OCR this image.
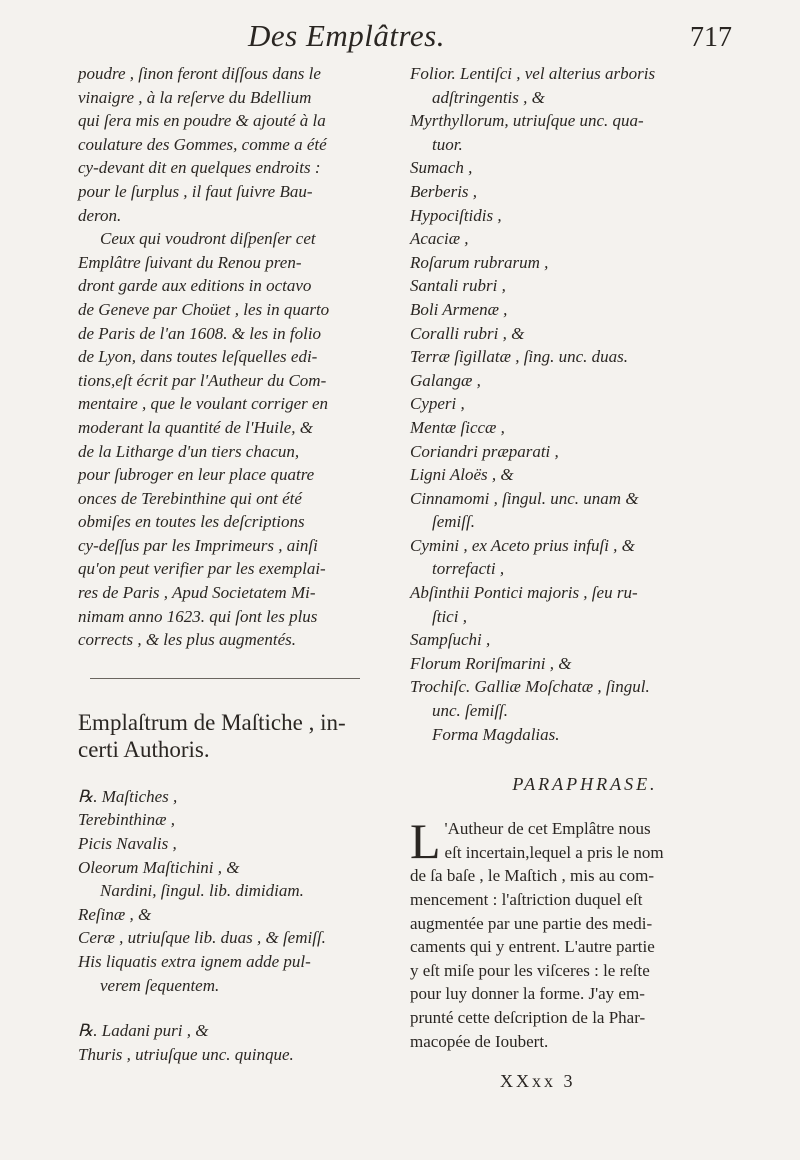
Des Emplâtres.	717

poudre , ſinon feront diſſous dans le

vinaigre , à la reſerve du Bdellium

qui ſera mis en poudre & ajouté à la

coulature des Gommes, comme a été

cy-devant dit en quelques endroits :

pour le ſurplus , il faut ſuivre Bau-

deron.

Ceux qui voudront diſpenſer cet

Emplâtre ſuivant du Renou pren-

dront garde aux editions in octavo

de Geneve par Choüet , les in quarto

de Paris de l'an 1608. & les in folio

de Lyon, dans toutes leſquelles edi-

tions,eſt écrit par l'Autheur du Com-

mentaire , que le voulant corriger en

moderant la quantité de l'Huile, &

de la Litharge d'un tiers chacun,

pour ſubroger en leur place quatre

onces de Terebinthine qui ont été

obmiſes en toutes les deſcriptions

cy-deſſus par les Imprimeurs , ainſi

qu'on peut verifier par les exemplai-

res de Paris , Apud Societatem Mi-

nimam anno 1623. qui ſont les plus

corrects , & les plus augmentés.

Emplaſtrum de Maſtiche , in-

certi Authoris.

℞. Maſtiches ,

Terebinthinæ ,

Picis Navalis ,

Oleorum Maſtichini , &

Nardini, ſingul. lib. dimidiam.

Reſinæ , &

Ceræ , utriuſque lib. duas , & ſemiſſ.

His liquatis extra ignem adde pul-

verem ſequentem.

℞. Ladani puri , &

Thuris , utriuſque unc. quinque.

Folior. Lentiſci , vel alterius arboris

adſtringentis , &

Myrthyllorum, utriuſque unc. qua-

tuor.

Sumach ,

Berberis ,

Hypociſtidis ,

Acaciæ ,

Roſarum rubrarum ,

Santali rubri ,

Boli Armenæ ,

Coralli rubri , &

Terræ ſigillatæ , ſing. unc. duas.

Galangæ ,

Cyperi ,

Mentæ ſiccæ ,

Coriandri præparati ,

Ligni Aloës , &

Cinnamomi , ſingul. unc. unam &

ſemiſſ.

Cymini , ex Aceto prius infuſi , &

torrefacti ,

Abſinthii Pontici majoris , ſeu ru-

ſtici ,

Sampſuchi ,

Florum Roriſmarini , &

Trochiſc. Galliæ Moſchatæ , ſingul.

unc. ſemiſſ.

Forma Magdalias.

PARAPHRASE.

L 'Autheur de cet Emplâtre nous

eſt incertain,lequel a pris le nom

de ſa baſe , le Maſtich , mis au com-

mencement : l'aſtriction duquel eſt

augmentée par une partie des medi-

caments qui y entrent. L'autre partie

y eſt miſe pour les viſceres : le reſte

pour luy donner la forme. J'ay em-

prunté cette deſcription de la Phar-

macopée de Ioubert.

XXxx 3
